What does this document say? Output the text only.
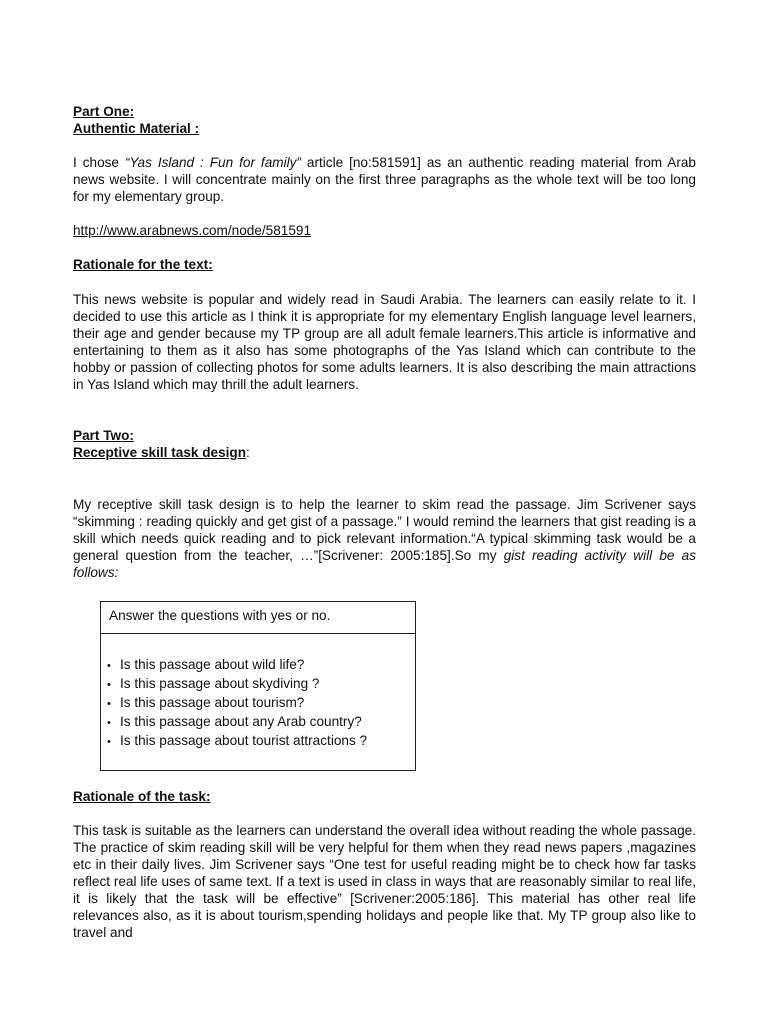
Part One:
Authentic Material :

I chose “Yas Island : Fun for family” article [no:581591] as an authentic reading material from Arab news website. I will concentrate mainly on the first three paragraphs as the whole text will be too long for my elementary group.

http://www.arabnews.com/node/581591
Rationale for the text:

This news website is popular and widely read in Saudi Arabia. The learners can easily relate to it. I decided to use this article as I think it is appropriate for my elementary English language level learners, their age and gender because my TP group are all adult female learners.This article is informative and entertaining to them as it also has some photographs of the Yas Island which can contribute to the hobby or passion of collecting photos for some adults learners. It is also describing the main attractions in Yas Island which may thrill the adult learners.

Part Two:
Receptive skill task design:

My receptive skill task design is to help the learner to skim read the passage. Jim Scrivener says “skimming : reading quickly and get gist of a passage.” I would remind the learners that gist reading is a skill which needs quick reading and to pick relevant information.“A typical skimming task would be a general question from the teacher, …”[Scrivener: 2005:185].So my gist reading activity will be as follows:

Answer the questions with yes or no.
• Is this passage about wild life?
• Is this passage about skydiving ?
• Is this passage about tourism?
• Is this passage about any Arab country?
• Is this passage about tourist attractions ?
Rationale of the task:

This task is suitable as the learners can understand the overall idea without reading the whole passage. The practice of skim reading skill will be very helpful for them when they read news papers ,magazines etc in their daily lives. Jim Scrivener says “One test for useful reading might be to check how far tasks reflect real life uses of same text. If a text is used in class in ways that are reasonably similar to real life, it is likely that the task will be effective” [Scrivener:2005:186]. This material has other real life relevances also, as it is about tourism,spending holidays and people like that. My TP group also like to travel and
